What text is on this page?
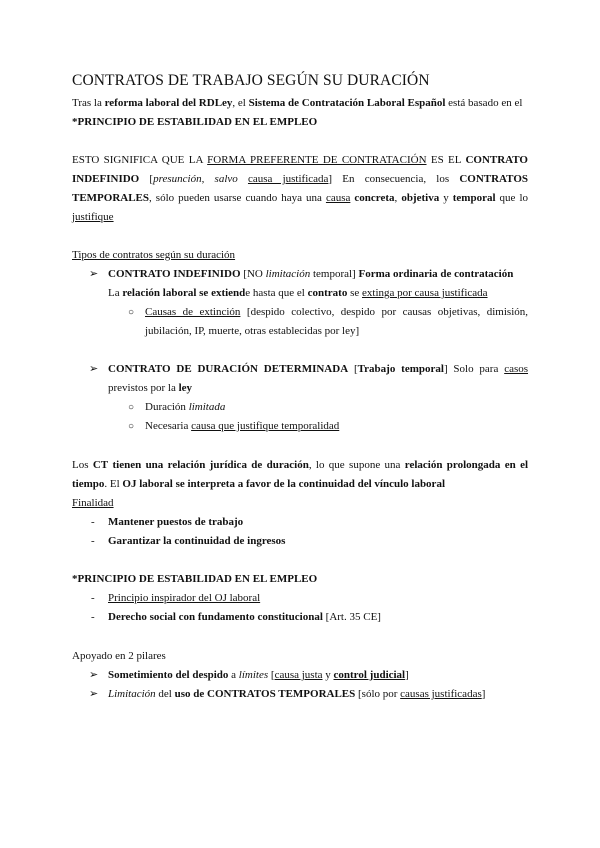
CONTRATOS DE TRABAJO SEGÚN SU DURACIÓN

Tras la reforma laboral del RDLey, el Sistema de Contratación Laboral Español está basado en el

*PRINCIPIO DE ESTABILIDAD EN EL EMPLEO

ESTO SIGNIFICA QUE LA FORMA PREFERENTE DE CONTRATACIÓN ES EL CONTRATO
INDEFINIDO [presunción, salvo causa justificada] En consecuencia, los CONTRATOS
TEMPORALES, sólo pueden usarse cuando haya una causa concreta, objetiva y temporal que lo
justifique
Tipos de contratos según su duración
➢ CONTRATO INDEFINIDO [NO limitación temporal] Forma ordinaria de contratación
La relación laboral se extiende hasta que el contrato se extinga por causa justificada
○ Causas de extinción [despido colectivo, despido por causas objetivas, dimisión,
jubilación, IP, muerte, otras establecidas por ley]
➢ CONTRATO DE DURACIÓN DETERMINADA [Trabajo temporal] Solo para casos
previstos por la ley
○ Duración limitada
○ Necesaria causa que justifique temporalidad
Los CT tienen una relación jurídica de duración, lo que supone una relación prolongada en el
tiempo. El OJ laboral se interpreta a favor de la continuidad del vínculo laboral
Finalidad
- Mantener puestos de trabajo
- Garantizar la continuidad de ingresos
*PRINCIPIO DE ESTABILIDAD EN EL EMPLEO
- Principio inspirador del OJ laboral
- Derecho social con fundamento constitucional [Art. 35 CE]
Apoyado en 2 pilares
➢ Sometimiento del despido a límites [causa justa y control judicial]
➢ Limitación del uso de CONTRATOS TEMPORALES [sólo por causas justificadas]
